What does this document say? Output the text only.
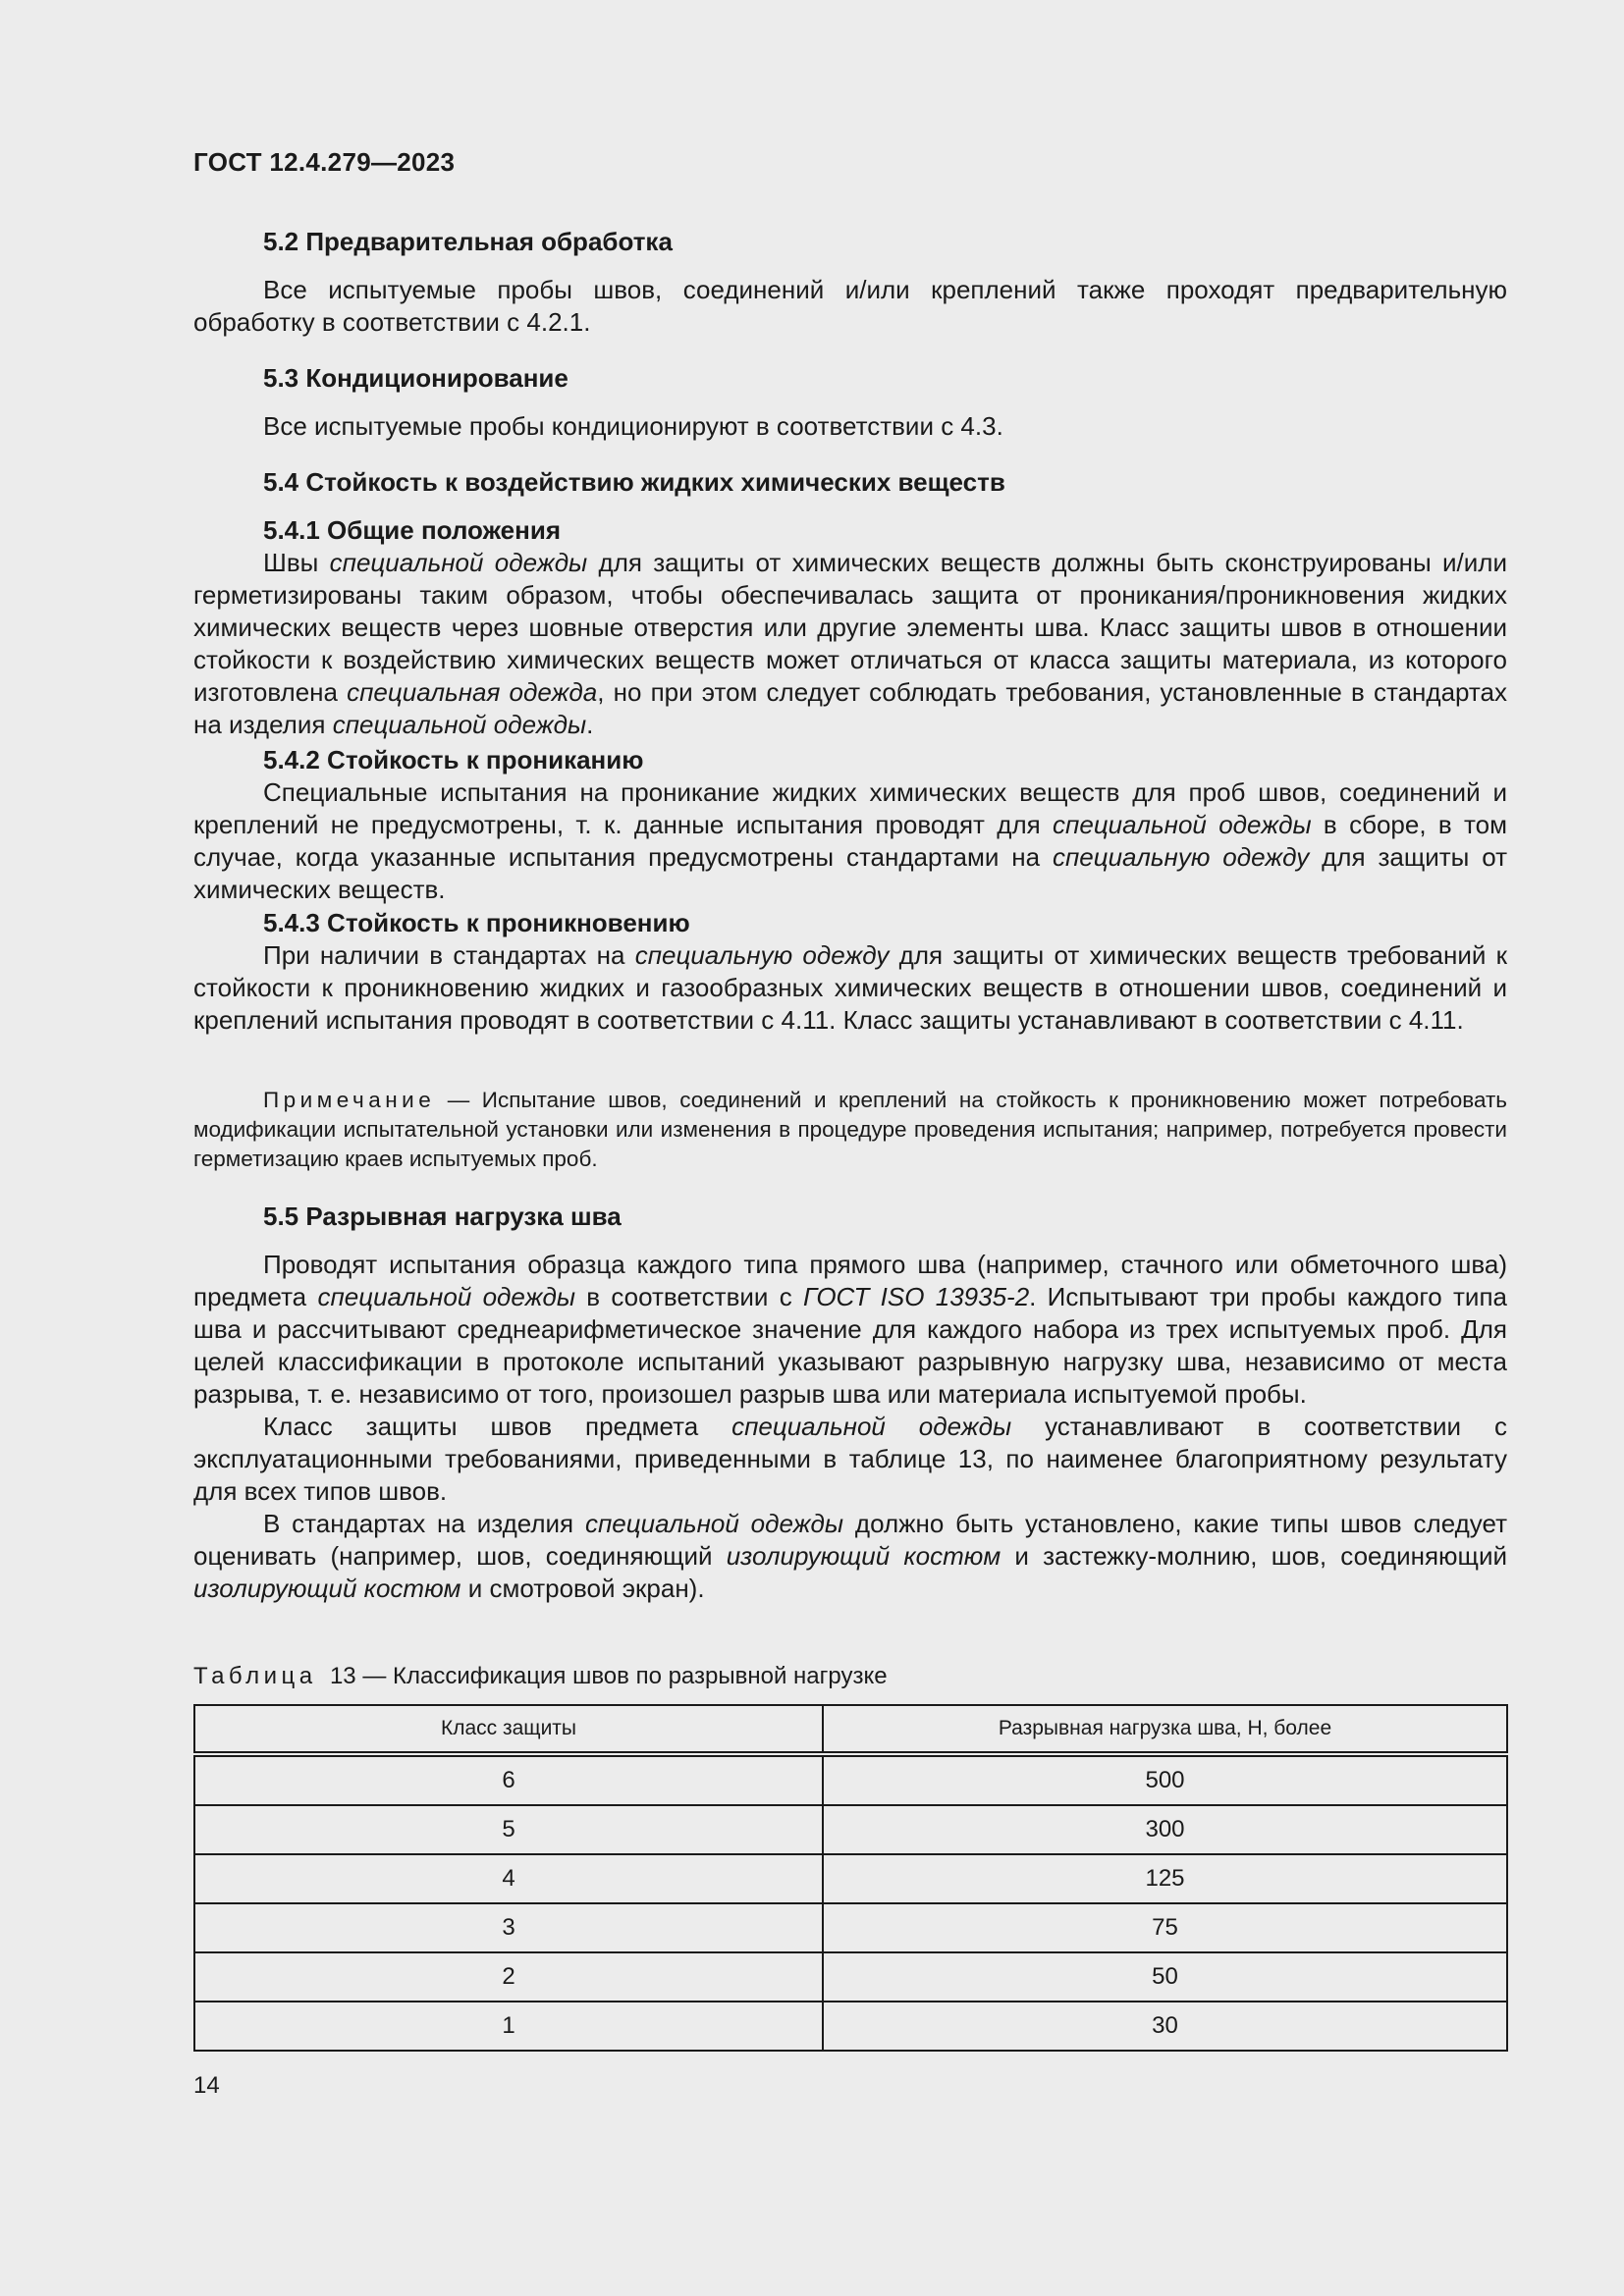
ГОСТ 12.4.279—2023
5.2 Предварительная обработка

Все испытуемые пробы швов, соединений и/или креплений также проходят предварительную обработку в соответствии с 4.2.1.

5.3 Кондиционирование

Все испытуемые пробы кондиционируют в соответствии с 4.3.

5.4 Стойкость к воздействию жидких химических веществ
5.4.1 Общие положения

Швы специальной одежды для защиты от химических веществ должны быть сконструированы и/или герметизированы таким образом, чтобы обеспечивалась защита от проникания/проникновения жидких химических веществ через шовные отверстия или другие элементы шва. Класс защиты швов в отношении стойкости к воздействию химических веществ может отличаться от класса защиты материала, из которого изготовлена специальная одежда, но при этом следует соблюдать требования, установленные в стандартах на изделия специальной одежды.

5.4.2 Стойкость к прониканию

Специальные испытания на проникание жидких химических веществ для проб швов, соединений и креплений не предусмотрены, т. к. данные испытания проводят для специальной одежды в сборе, в том случае, когда указанные испытания предусмотрены стандартами на специальную одежду для защиты от химических веществ.

5.4.3 Стойкость к проникновению

При наличии в стандартах на специальную одежду для защиты от химических веществ требований к стойкости к проникновению жидких и газообразных химических веществ в отношении швов, соединений и креплений испытания проводят в соответствии с 4.11. Класс защиты устанавливают в соответствии с 4.11.

Примечание — Испытание швов, соединений и креплений на стойкость к проникновению может потребовать модификации испытательной установки или изменения в процедуре проведения испытания; например, потребуется провести герметизацию краев испытуемых проб.

5.5 Разрывная нагрузка шва

Проводят испытания образца каждого типа прямого шва (например, стачного или обметочного шва) предмета специальной одежды в соответствии с ГОСТ ISO 13935-2. Испытывают три пробы каждого типа шва и рассчитывают среднеарифметическое значение для каждого набора из трех испытуемых проб. Для целей классификации в протоколе испытаний указывают разрывную нагрузку шва, независимо от места разрыва, т. е. независимо от того, произошел разрыв шва или материала испытуемой пробы.

Класс защиты швов предмета специальной одежды устанавливают в соответствии с эксплуатационными требованиями, приведенными в таблице 13, по наименее благоприятному результату для всех типов швов.

В стандартах на изделия специальной одежды должно быть установлено, какие типы швов следует оценивать (например, шов, соединяющий изолирующий костюм и застежку-молнию, шов, соединяющий изолирующий костюм и смотровой экран).

Таблица 13 — Классификация швов по разрывной нагрузке
Класс защиты	Разрывная нагрузка шва, Н, более
6	500
5	300
4	125
3	75
2	50
1	30
14
